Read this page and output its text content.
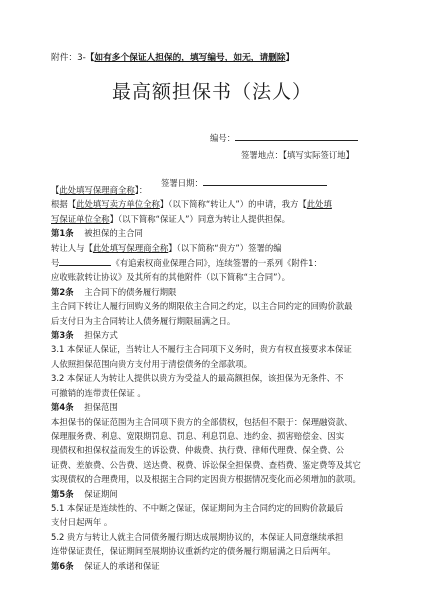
附件：3-【如有多个保证人担保的，填写编号，如无，请删除】
最高额担保书（法人）
编号：
签署地点：【填写实际签订地】
签署日期：

【此处填写保理商全称】：

根据【此处填写卖方单位全称】（以下简称“转让人”）的申请，我方【此处填
写保证单位全称】（以下简称“保证人”）同意为转让人提供担保。

第1条 被担保的主合同

转让人与【此处填写保理商全称】（以下简称“贵方”）签署的编
号	《有追索权商业保理合同》，连续签署的一系列《附件1：
应收账款转让协议》及其所有的其他附件（以下简称“主合同”）。

第2条 主合同下的债务履行期限

主合同下转让人履行回购义务的期限依主合同之约定，以主合同约定的回购价款最
后支付日为主合同转让人债务履行期限届满之日。

第3条 担保方式

3.1 本保证人保证，当转让人不履行主合同项下义务时，贵方有权直接要求本保证
人依照担保范围向贵方支付用于清偿债务的全部款项。
3.2 本保证人为转让人提供以贵方为受益人的最高额担保，该担保为无条件、不
可撤销的连带责任保证 。

第4条 担保范围

本担保书的保证范围为主合同项下贵方的全部债权，包括但不限于：保理融资款、
保理服务费、利息、宽限期罚息、罚息、利息罚息、违约金、损害赔偿金、因实
现债权和担保权益而发生的诉讼费、仲裁费、执行费、律师代理费、保全费、公
证费、差旅费、公告费、送达费、税费、诉讼保全担保费、查档费、鉴定费等及其它
实现债权的合理费用，以及根据主合同约定因贵方根据情况变化而必须增加的款项。

第5条 保证期间

5.1 本保证是连续性的、不中断之保证，保证期间为主合同约定的回购价款最后
支付日起两年 。
5.2 贵方与转让人就主合同债务履行期达成展期协议的，本保证人同意继续承担
连带保证责任，保证期间至展期协议重新约定的债务履行期届满之日后两年。

第6条 保证人的承诺和保证
